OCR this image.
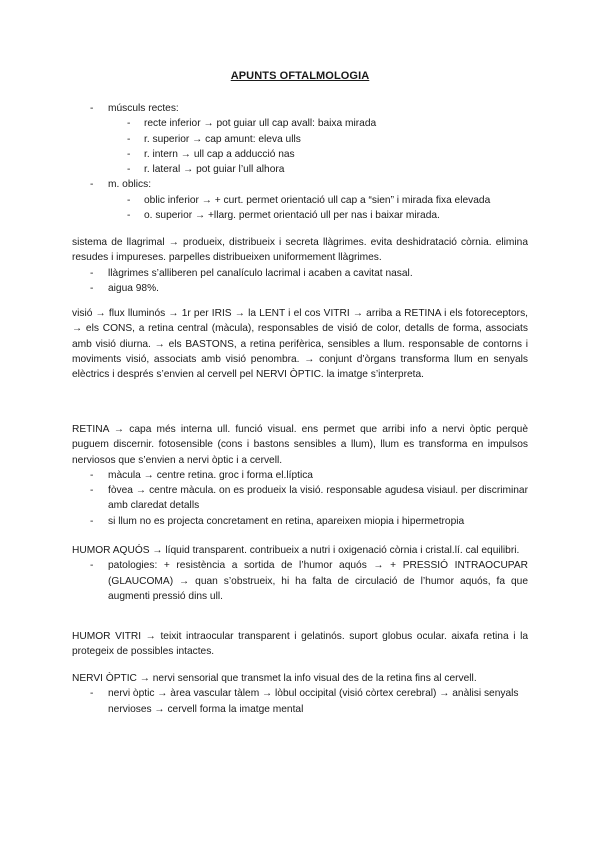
APUNTS OFTALMOLOGIA
- músculs rectes:
- recte inferior → pot guiar ull cap avall: baixa mirada
- r. superior → cap amunt: eleva ulls
- r. intern → ull cap a adducció nas
- r. lateral → pot guiar l’ull alhora
- m. oblics:
- oblic inferior → + curt. permet orientació ull cap a “sien” i mirada fixa elevada
- o. superior → +llarg. permet orientació ull per nas i baixar mirada.

sistema de llagrimal → produeix, distribueix i secreta llàgrimes. evita deshidratació còrnia. elimina resudes i impureses. parpelles distribueixen uniformement llàgrimes.

- llàgrimes s’alliberen pel canalículo lacrimal i acaben a cavitat nasal.
- aigua 98%.

visió → flux lluminós → 1r per IRIS → la LENT i el cos VITRI → arriba a RETINA i els fotoreceptors, → els CONS, a retina central (màcula), responsables de visió de color, detalls de forma, associats amb visió diurna. → els BASTONS, a retina perifèrica, sensibles a llum. responsable de contorns i moviments visió, associats amb visió penombra. → conjunt d’òrgans transforma llum en senyals elèctrics i després s’envien al cervell pel NERVI ÒPTIC. la imatge s’interpreta.

RETINA → capa més interna ull. funció visual. ens permet que arribi info a nervi òptic perquè puguem discernir. fotosensible (cons i bastons sensibles a llum), llum es transforma en impulsos nerviosos que s’envien a nervi òptic i a cervell.

- màcula → centre retina. groc i forma el.líptica
- fòvea → centre màcula. on es produeix la visió. responsable agudesa visiaul. per discriminar amb claredat detalls
- si llum no es projecta concretament en retina, apareixen miopia i hipermetropia

HUMOR AQUÓS → líquid transparent. contribueix a nutri i oxigenació còrnia i cristal.lí. cal equilibri.

- patologies: + resistència a sortida de l’humor aquós → + PRESSIÓ INTRAOCUPAR (GLAUCOMA) → quan s’obstrueix, hi ha falta de circulació de l’humor aquós, fa que augmenti pressió dins ull.

HUMOR VITRI → teixit intraocular transparent i gelatinós. suport globus ocular. aixafa retina i la protegeix de possibles intactes.

NERVI ÒPTIC → nervi sensorial que transmet la info visual des de la retina fins al cervell.

- nervi òptic → àrea vascular tàlem → lòbul occipital (visió còrtex cerebral) → anàlisi senyals nervioses → cervell forma la imatge mental
